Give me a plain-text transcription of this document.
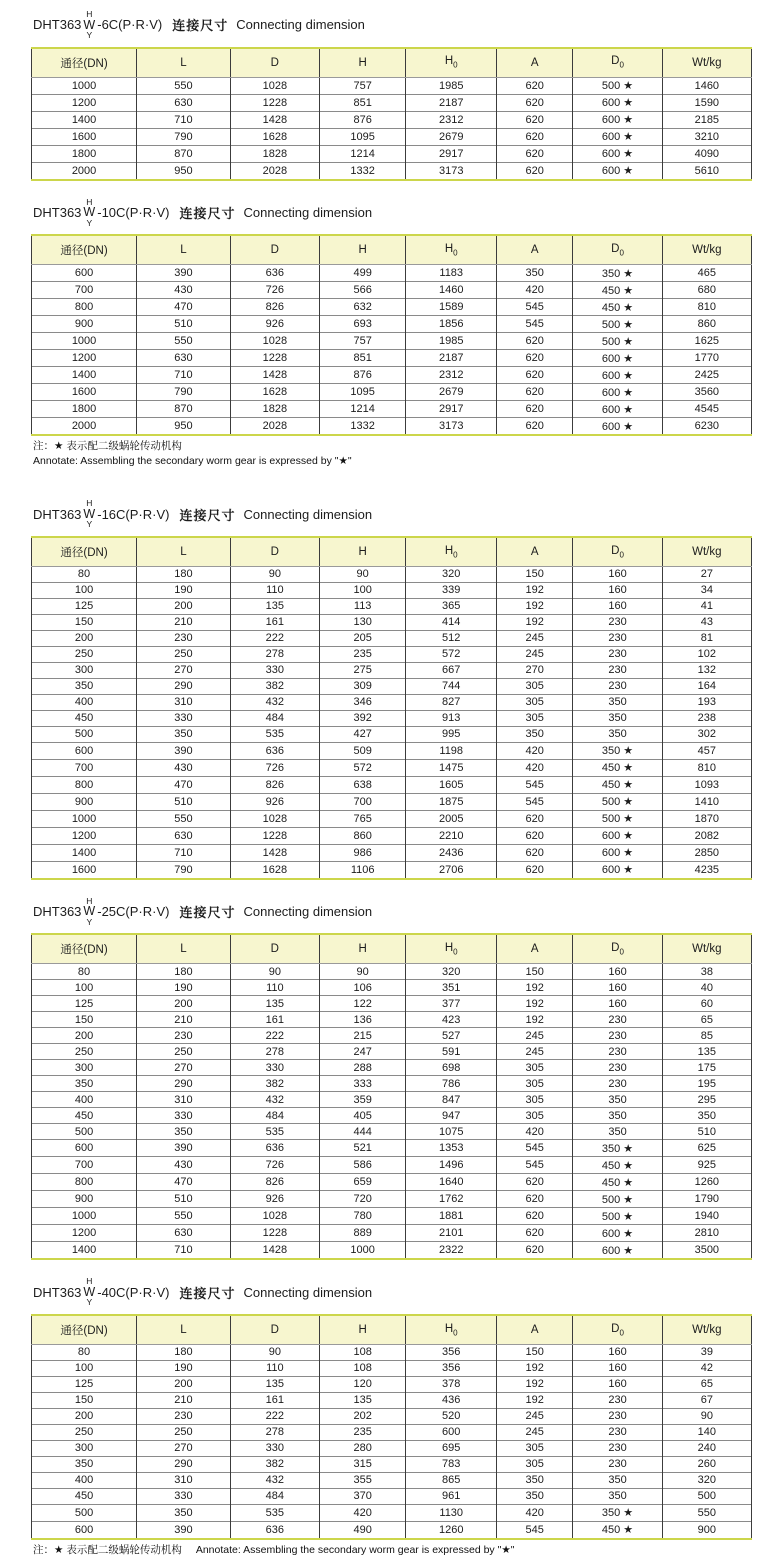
DHT363
H
W
Y
-6C(P·R·V) 连接尺寸 Connecting dimension
通径(DN)	L	D	H	$H_0$	A	$D_0$	Wt/kg
1000	550	1028	757	1985	620	500 ★	1460
1200	630	1228	851	2187	620	600 ★	1590
1400	710	1428	876	2312	620	600 ★	2185
1600	790	1628	1095	2679	620	600 ★	3210
1800	870	1828	1214	2917	620	600 ★	4090
2000	950	2028	1332	3173	620	600 ★	5610
DHT363
H
W
Y
-10C(P·R·V) 连接尺寸 Connecting dimension
通径(DN)	L	D	H	$H_0$	A	$D_0$	Wt/kg
600	390	636	499	1183	350	350 ★	465
700	430	726	566	1460	420	450 ★	680
800	470	826	632	1589	545	450 ★	810
900	510	926	693	1856	545	500 ★	860
1000	550	1028	757	1985	620	500 ★	1625
1200	630	1228	851	2187	620	600 ★	1770
1400	710	1428	876	2312	620	600 ★	2425
1600	790	1628	1095	2679	620	600 ★	3560
1800	870	1828	1214	2917	620	600 ★	4545
2000	950	2028	1332	3173	620	600 ★	6230

注：★ 表示配二级蜗轮传动机构
Annotate: Assembling the secondary worm gear is expressed by "★"

DHT363
H
W
Y
-16C(P·R·V) 连接尺寸 Connecting dimension
通径(DN)	L	D	H	$H_0$	A	$D_0$	Wt/kg
80	180	90	90	320	150	160	27
100	190	110	100	339	192	160	34
125	200	135	113	365	192	160	41
150	210	161	130	414	192	230	43
200	230	222	205	512	245	230	81
250	250	278	235	572	245	230	102
300	270	330	275	667	270	230	132
350	290	382	309	744	305	230	164
400	310	432	346	827	305	350	193
450	330	484	392	913	305	350	238
500	350	535	427	995	350	350	302
600	390	636	509	1198	420	350 ★	457
700	430	726	572	1475	420	450 ★	810
800	470	826	638	1605	545	450 ★	1093
900	510	926	700	1875	545	500 ★	1410
1000	550	1028	765	2005	620	500 ★	1870
1200	630	1228	860	2210	620	600 ★	2082
1400	710	1428	986	2436	620	600 ★	2850
1600	790	1628	1106	2706	620	600 ★	4235
DHT363
H
W
Y
-25C(P·R·V) 连接尺寸 Connecting dimension
通径(DN)	L	D	H	$H_0$	A	$D_0$	Wt/kg
80	180	90	90	320	150	160	38
100	190	110	106	351	192	160	40
125	200	135	122	377	192	160	60
150	210	161	136	423	192	230	65
200	230	222	215	527	245	230	85
250	250	278	247	591	245	230	135
300	270	330	288	698	305	230	175
350	290	382	333	786	305	230	195
400	310	432	359	847	305	350	295
450	330	484	405	947	305	350	350
500	350	535	444	1075	420	350	510
600	390	636	521	1353	545	350 ★	625
700	430	726	586	1496	545	450 ★	925
800	470	826	659	1640	620	450 ★	1260
900	510	926	720	1762	620	500 ★	1790
1000	550	1028	780	1881	620	500 ★	1940
1200	630	1228	889	2101	620	600 ★	2810
1400	710	1428	1000	2322	620	600 ★	3500
DHT363
H
W
Y
-40C(P·R·V) 连接尺寸 Connecting dimension
通径(DN)	L	D	H	$H_0$	A	$D_0$	Wt/kg
80	180	90	108	356	150	160	39
100	190	110	108	356	192	160	42
125	200	135	120	378	192	160	65
150	210	161	135	436	192	230	67
200	230	222	202	520	245	230	90
250	250	278	235	600	245	230	140
300	270	330	280	695	305	230	240
350	290	382	315	783	305	230	260
400	310	432	355	865	350	350	320
450	330	484	370	961	350	350	500
500	350	535	420	1130	420	350 ★	550
600	390	636	490	1260	545	450 ★	900

注：★ 表示配二级蜗轮传动机构 Annotate: Assembling the secondary worm gear is expressed by "★"
